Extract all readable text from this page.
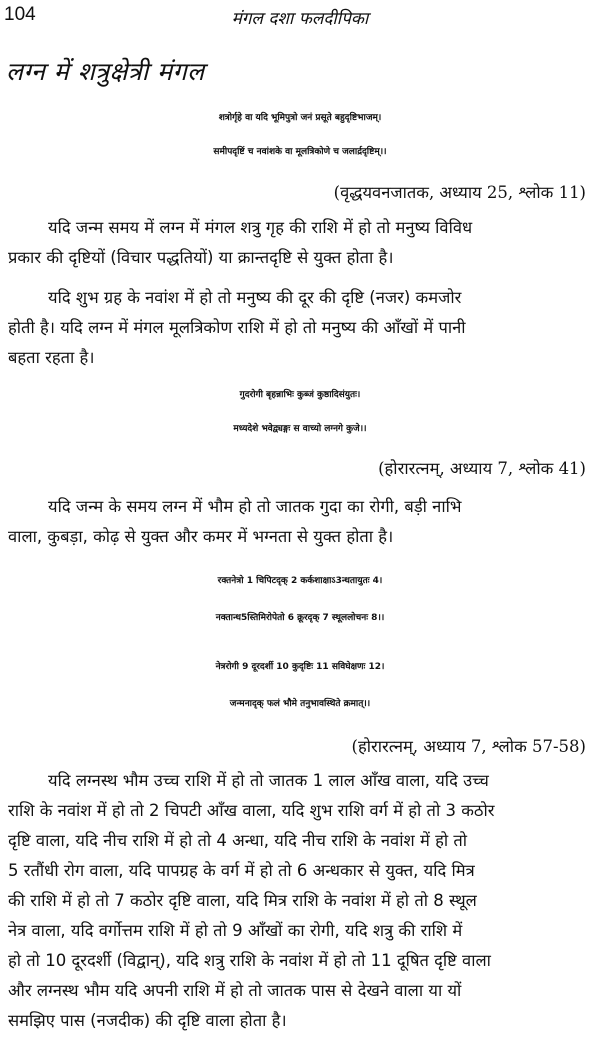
104	मंगल दशा फलदीपिका
लग्न में शत्रुक्षेत्री मंगल
शत्रोर्गृहे वा यदि भूमिपुत्रो जनं प्रसूते बहुदृष्टिभाजम्।
समीपदृष्टिं च नवांशके वा मूलत्रिकोणे च जलार्द्रदृष्टिम्।।
(वृद्धयवनजातक, अध्याय 25, श्लोक 11)
यदि जन्म समय में लग्न में मंगल शत्रु गृह की राशि में हो तो मनुष्य विविध
प्रकार की दृष्टियों (विचार पद्धतियों) या क्रान्तदृष्टि से युक्त होता है।
यदि शुभ ग्रह के नवांश में हो तो मनुष्य की दूर की दृष्टि (नजर) कमजोर
होती है। यदि लग्न में मंगल मूलत्रिकोण राशि में हो तो मनुष्य की आँखों में पानी
बहता रहता है।
गुदरोगी बृहन्नाभिः कुब्जं कुष्ठादिसंयुतः।
मध्यदेशे भवेद्व्यङ्गः स वाच्यो लग्नगे कुजे।।
(होरारत्नम्, अध्याय 7, श्लोक 41)
यदि जन्म के समय लग्न में भौम हो तो जातक गुदा का रोगी, बड़ी नाभि
वाला, कुबड़ा, कोढ़ से युक्त और कमर में भग्नता से युक्त होता है।
रक्तनेत्रो 1 चिपिटदृक् 2 कर्कशाक्षाऽ3न्धतायुतः 4।
नक्तान्ध5स्तिमिरोपेतो 6 क्रूरदृक् 7 स्थूललोचनः 8।।
नेत्ररोगी 9 दूरदर्शी 10 कुदृष्टिः 11 सविघेक्षणः 12।
जन्मनादृक् फलं भौमे तनुभावस्थिते क्रमात्।।
(होरारत्नम्, अध्याय 7, श्लोक 57-58)
यदि लग्नस्थ भौम उच्च राशि में हो तो जातक 1 लाल आँख वाला, यदि उच्च
राशि के नवांश में हो तो 2 चिपटी आँख वाला, यदि शुभ राशि वर्ग में हो तो 3 कठोर
दृष्टि वाला, यदि नीच राशि में हो तो 4 अन्धा, यदि नीच राशि के नवांश में हो तो
5 रतौंधी रोग वाला, यदि पापग्रह के वर्ग में हो तो 6 अन्धकार से युक्त, यदि मित्र
की राशि में हो तो 7 कठोर दृष्टि वाला, यदि मित्र राशि के नवांश में हो तो 8 स्थूल
नेत्र वाला, यदि वर्गोत्तम राशि में हो तो 9 आँखों का रोगी, यदि शत्रु की राशि में
हो तो 10 दूरदर्शी (विद्वान्), यदि शत्रु राशि के नवांश में हो तो 11 दूषित दृष्टि वाला
और लग्नस्थ भौम यदि अपनी राशि में हो तो जातक पास से देखने वाला या यों
समझिए पास (नजदीक) की दृष्टि वाला होता है।
